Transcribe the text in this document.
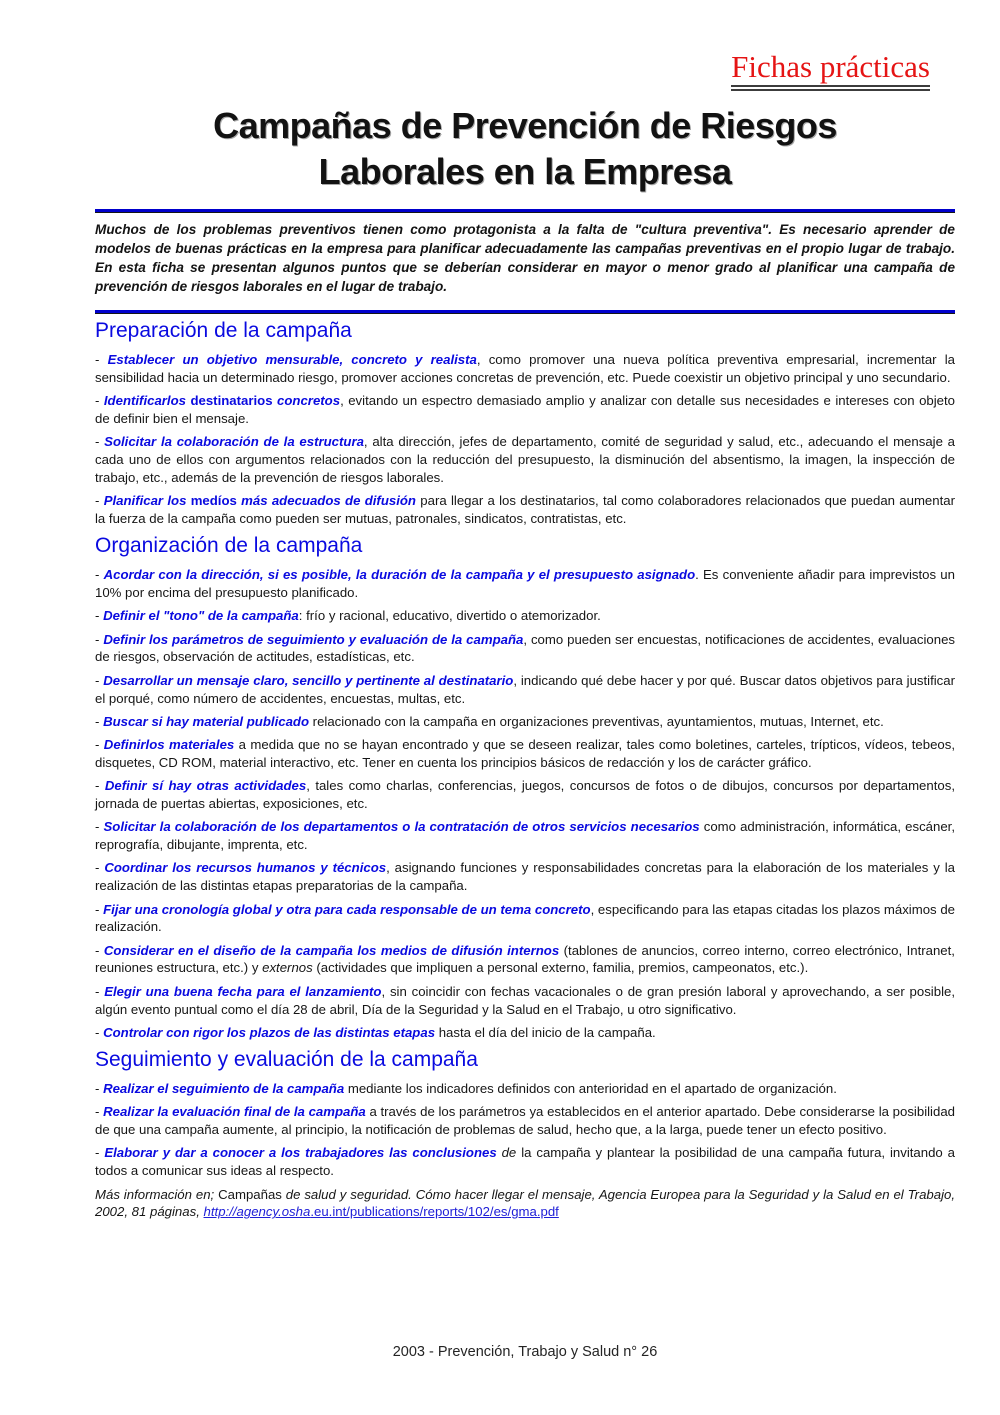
Fichas prácticas
Campañas de Prevención de Riesgos
Laborales en la Empresa

Muchos de los problemas preventivos tienen como protagonista a la falta de "cultura preventiva". Es necesario aprender de modelos de buenas prácticas en la empresa para planificar adecuadamente las campañas preventivas en el propio lugar de trabajo. En esta ficha se presentan algunos puntos que se deberían considerar en mayor o menor grado al planificar una campaña de prevención de riesgos laborales en el lugar de trabajo.

Preparación de la campaña

- Establecer un objetivo mensurable, concreto y realista, como promover una nueva política preventiva empresarial, incrementar la sensibilidad hacia un determinado riesgo, promover acciones concretas de prevención, etc. Puede coexistir un objetivo principal y uno secundario.

- Identificarlos destinatarios concretos, evitando un espectro demasiado amplio y analizar con detalle sus necesidades e intereses con objeto de definir bien el mensaje.

- Solicitar la colaboración de la estructura, alta dirección, jefes de departamento, comité de seguridad y salud, etc., adecuando el mensaje a cada uno de ellos con argumentos relacionados con la reducción del presupuesto, la disminución del absentismo, la imagen, la inspección de trabajo, etc., además de la prevención de riesgos laborales.

- Planificar los medíos más adecuados de difusión para llegar a los destinatarios, tal como colaboradores relacionados que puedan aumentar la fuerza de la campaña como pueden ser mutuas, patronales, sindicatos, contratistas, etc.

Organización de la campaña

- Acordar con la dirección, si es posible, la duración de la campaña y el presupuesto asignado. Es conveniente añadir para imprevistos un 10% por encima del presupuesto planificado.

- Definir el "tono" de la campaña: frío y racional, educativo, divertido o atemorizador.

- Definir los parámetros de seguimiento y evaluación de la campaña, como pueden ser encuestas, notificaciones de accidentes, evaluaciones de riesgos, observación de actitudes, estadísticas, etc.

- Desarrollar un mensaje claro, sencillo y pertinente al destinatario, indicando qué debe hacer y por qué. Buscar datos objetivos para justificar el porqué, como número de accidentes, encuestas, multas, etc.

- Buscar si hay material publicado relacionado con la campaña en organizaciones preventivas, ayuntamientos, mutuas, Internet, etc.

- Definirlos materiales a medida que no se hayan encontrado y que se deseen realizar, tales como boletines, carteles, trípticos, vídeos, tebeos, disquetes, CD ROM, material interactivo, etc. Tener en cuenta los principios básicos de redacción y los de carácter gráfico.

- Definir sí hay otras actividades, tales como charlas, conferencias, juegos, concursos de fotos o de dibujos, concursos por departamentos, jornada de puertas abiertas, exposiciones, etc.

- Solicitar la colaboración de los departamentos o la contratación de otros servicios necesarios como administración, informática, escáner, reprografía, dibujante, imprenta, etc.

- Coordinar los recursos humanos y técnicos, asignando funciones y responsabilidades concretas para la elaboración de los materiales y la realización de las distintas etapas preparatorias de la campaña.

- Fijar una cronología global y otra para cada responsable de un tema concreto, especificando para las etapas citadas los plazos máximos de realización.

- Considerar en el diseño de la campaña los medios de difusión internos (tablones de anuncios, correo interno, correo electrónico, Intranet, reuniones estructura, etc.) y externos (actividades que impliquen a personal externo, familia, premios, campeonatos, etc.).

- Elegir una buena fecha para el lanzamiento, sin coincidir con fechas vacacionales o de gran presión laboral y aprovechando, a ser posible, algún evento puntual como el día 28 de abril, Día de la Seguridad y la Salud en el Trabajo, u otro significativo.

- Controlar con rigor los plazos de las distintas etapas hasta el día del inicio de la campaña.

Seguimiento y evaluación de la campaña

- Realizar el seguimiento de la campaña mediante los indicadores definidos con anterioridad en el apartado de organización.

- Realizar la evaluación final de la campaña a través de los parámetros ya establecidos en el anterior apartado. Debe considerarse la posibilidad de que una campaña aumente, al principio, la notificación de problemas de salud, hecho que, a la larga, puede tener un efecto positivo.

- Elaborar y dar a conocer a los trabajadores las conclusiones de la campaña y plantear la posibilidad de una campaña futura, invitando a todos a comunicar sus ideas al respecto.

Más información en; Campañas de salud y seguridad. Cómo hacer llegar el mensaje, Agencia Europea para la Seguridad y la Salud en el Trabajo, 2002, 81 páginas, http://agency.osha.eu.int/publications/reports/102/es/gma.pdf

2003 - Prevención, Trabajo y Salud n° 26
